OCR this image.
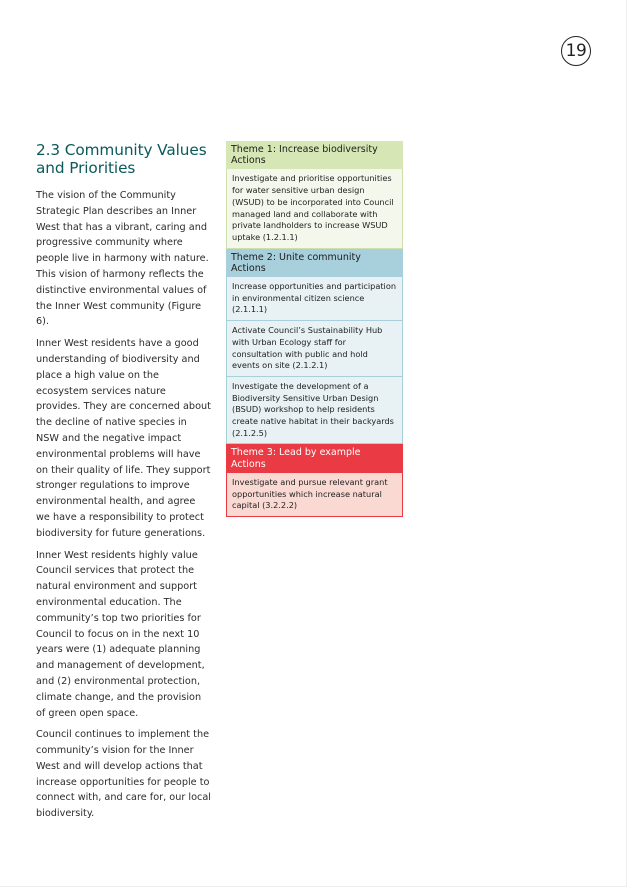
19
2.3 Community Values and Priorities

The vision of the Community Strategic Plan describes an Inner West that has a vibrant, caring and progressive community where people live in harmony with nature. This vision of harmony reflects the distinctive environmental values of the Inner West community (Figure 6).

Inner West residents have a good understanding of biodiversity and place a high value on the ecosystem services nature provides. They are concerned about the decline of native species in NSW and the negative impact environmental problems will have on their quality of life. They support stronger regulations to improve environmental health, and agree we have a responsibility to protect biodiversity for future generations.

Inner West residents highly value Council services that protect the natural environment and support environmental education. The community’s top two priorities for Council to focus on in the next 10 years were (1) adequate planning and management of development, and (2) environmental protection, climate change, and the provision of green open space.

Council continues to implement the community’s vision for the Inner West and will develop actions that increase opportunities for people to connect with, and care for, our local biodiversity.

Theme 1: Increase biodiversity Actions
Investigate and prioritise opportunities for water sensitive urban design (WSUD) to be incorporated into Council managed land and collaborate with private landholders to increase WSUD uptake (1.2.1.1)
Theme 2: Unite community Actions
Increase opportunities and participation in environmental citizen science (2.1.1.1)
Activate Council’s Sustainability Hub with Urban Ecology staff for consultation with public and hold events on site (2.1.2.1)
Investigate the development of a Biodiversity Sensitive Urban Design (BSUD) workshop to help residents create native habitat in their backyards (2.1.2.5)
Theme 3: Lead by example Actions
Investigate and pursue relevant grant opportunities which increase natural capital (3.2.2.2)
